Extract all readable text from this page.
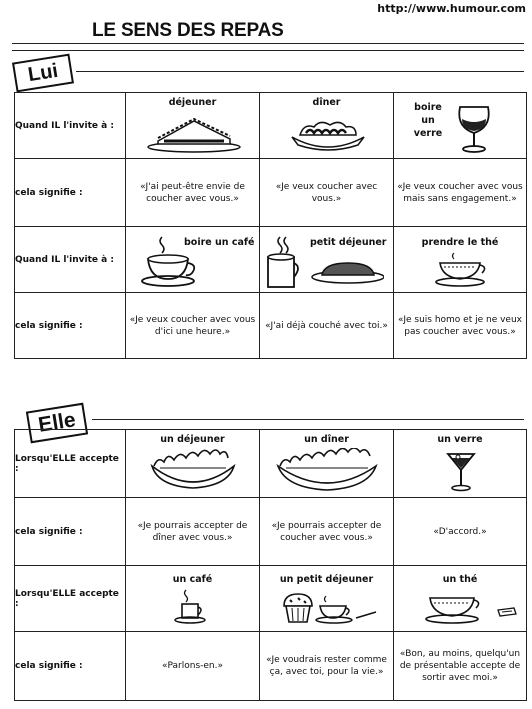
http://www.humour.com
LE SENS DES REPAS
Lui
Elle
Quand IL l'invite à :	déjeuner	dîner	boire un verre

cela signifie :	«J'ai peut-être envie de coucher avec vous.»	«Je veux coucher avec vous.»	«Je veux coucher avec vous mais sans engagement.»
Quand IL l'invite à :	boire un café	petit déjeuner	prendre le thé

cela signifie :	«Je veux coucher avec vous d'ici une heure.»	«J'ai déjà couché avec toi.»	«Je suis homo et je ne veux pas coucher avec vous.»
Lorsqu'ELLE accepte :	un déjeuner	un dîner	un verre

cela signifie :	«Je pourrais accepter de dîner avec vous.»	«Je pourrais accepter de coucher avec vous.»	«D'accord.»
Lorsqu'ELLE accepte :	un café	un petit déjeuner	un thé

cela signifie :	«Parlons-en.»	«Je voudrais rester comme ça, avec toi, pour la vie.»	«Bon, au moins, quelqu'un de présentable accepte de sortir avec moi.»
